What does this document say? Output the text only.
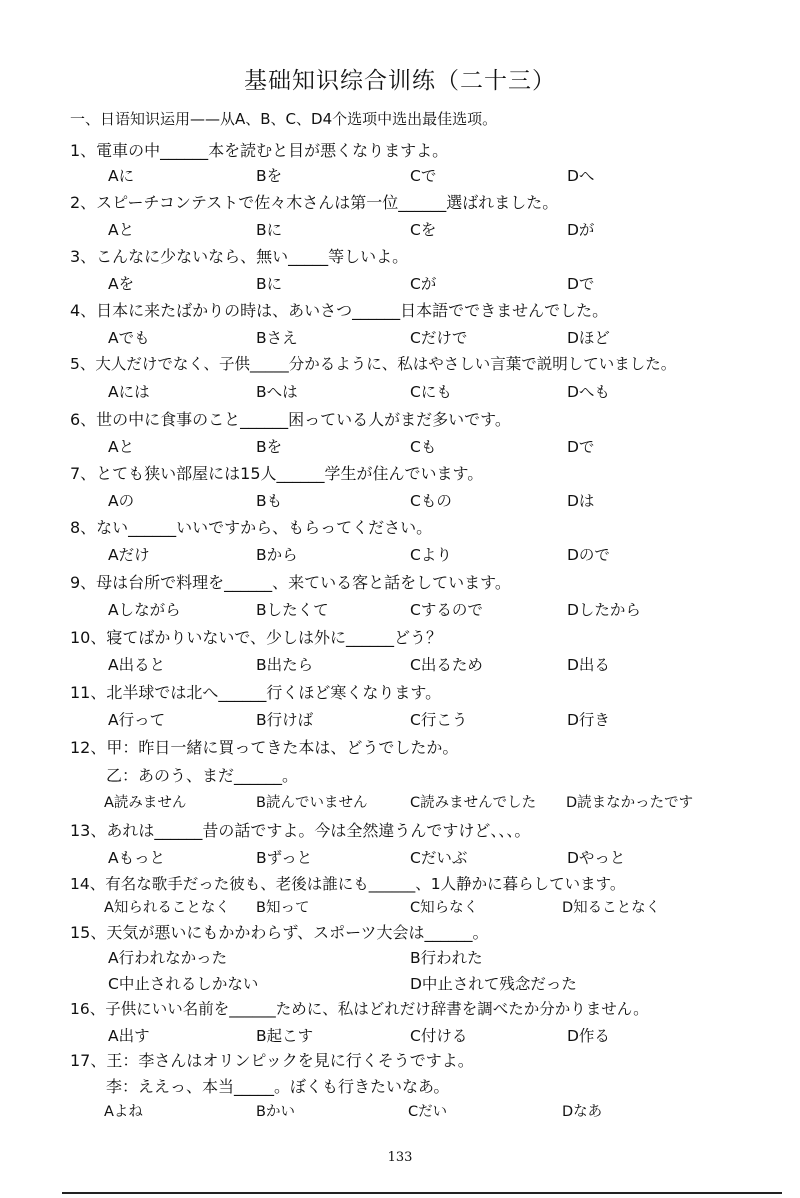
基础知识综合训练（二十三）
一、日语知识运用——从A、B、C、D4个选项中选出最佳选项。
1、電車の中______本を読むと目が悪くなりますよ。
Aに	Bを	Cで	Dへ
2、スピーチコンテストで佐々木さんは第一位______選ばれました。
Aと	Bに	Cを	Dが
3、こんなに少ないなら、無い_____等しいよ。
Aを	Bに	Cが	Dで
4、日本に来たばかりの時は、あいさつ______日本語でできませんでした。
Aでも	Bさえ	Cだけで	Dほど
5、大人だけでなく、子供_____分かるように、私はやさしい言葉で説明していました。
Aには	Bへは	Cにも	Dへも
6、世の中に食事のこと______困っている人がまだ多いです。
Aと	Bを	Cも	Dで
7、とても狭い部屋には15人______学生が住んでいます。
Aの	Bも	Cもの	Dは
8、ない______いいですから、もらってください。
Aだけ	Bから	Cより	Dので
9、母は台所で料理を______、来ている客と話をしています。
Aしながら	Bしたくて	Cするので	Dしたから
10、寝てばかりいないで、少しは外に______どう？
A出ると	B出たら	C出るため	D出る
11、北半球では北へ______行くほど寒くなります。
A行って	B行けば	C行こう	D行き
12、甲：昨日一緒に買ってきた本は、どうでしたか。
乙：あのう、まだ______。
A読みません	B読んでいません	C読みませんでした D読まなかったです
13、あれは______昔の話ですよ。今は全然違うんですけど、、、。
Aもっと	Bずっと	Cだいぶ	Dやっと
14、有名な歌手だった彼も、老後は誰にも______、1人静かに暮らしています。
A知られることなく B知って	C知らなく	D知ることなく
15、天気が悪いにもかかわらず、スポーツ大会は______。
A行われなかった	B行われた
C中止されるしかない	D中止されて残念だった
16、子供にいい名前を______ために、私はどれだけ辞書を調べたか分かりません。
A出す	B起こす	C付ける	D作る
17、王：李さんはオリンピックを見に行くそうですよ。
李：ええっ、本当_____。ぼくも行きたいなあ。
Aよね	Bかい	Cだい	Dなあ
133
